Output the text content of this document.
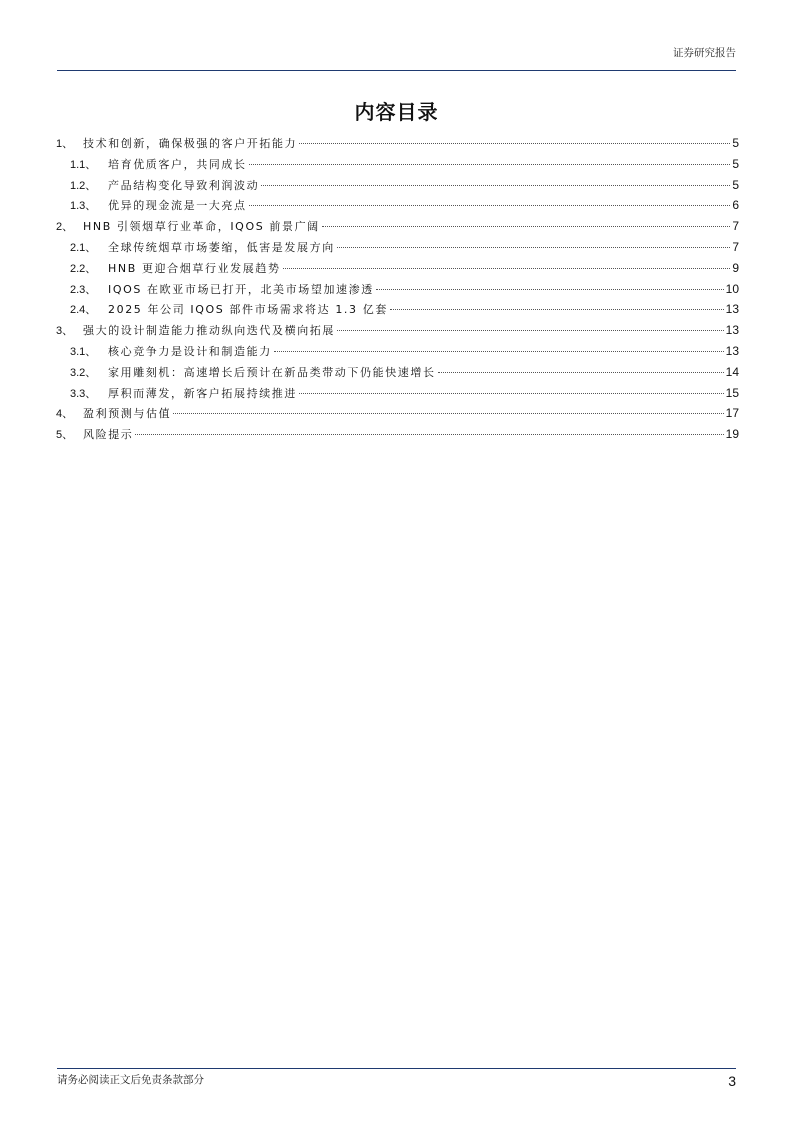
证券研究报告
内容目录
1、 技术和创新，确保极强的客户开拓能力	5
1.1、	培育优质客户，共同成长	5
1.2、	产品结构变化导致利润波动	5
1.3、	优异的现金流是一大亮点	6
2、 HNB 引领烟草行业革命，IQOS 前景广阔	7
2.1、	全球传统烟草市场萎缩，低害是发展方向	7
2.2、	HNB 更迎合烟草行业发展趋势	9
2.3、	IQOS 在欧亚市场已打开，北美市场望加速渗透	10
2.4、	2025 年公司 IQOS 部件市场需求将达 1.3 亿套	13
3、 强大的设计制造能力推动纵向迭代及横向拓展	13
3.1、	核心竞争力是设计和制造能力	13
3.2、	家用雕刻机：高速增长后预计在新品类带动下仍能快速增长	14
3.3、	厚积而薄发，新客户拓展持续推进	15
4、 盈利预测与估值	17
5、 风险提示	19
请务必阅读正文后免责条款部分	3
